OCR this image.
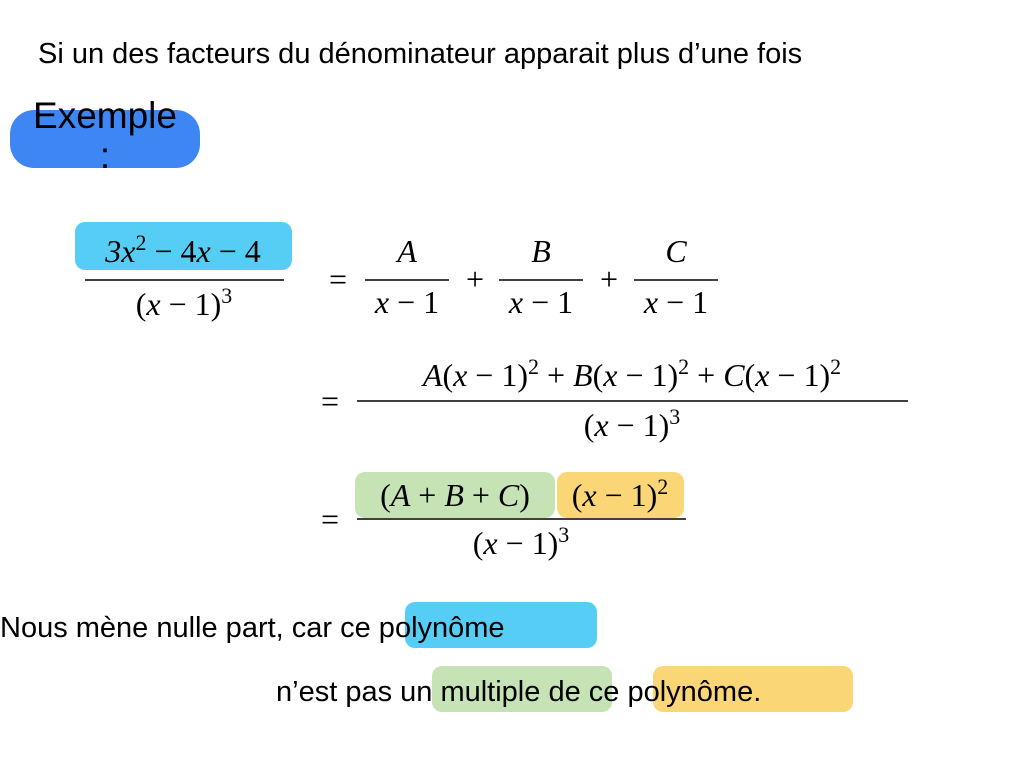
Si un des facteurs du dénominateur apparait plus d’une fois
Exemple
:
$3x^2 - 4x - 4$
$(x - 1)^3$	=
A
x − 1
+
B
x − 1
+
C
x − 1
=
$A(x - 1)^2 + B(x - 1)^2 + C(x - 1)^2$
$(x - 1)^3$
=
(A + B + C) $(x - 1)^2$
$(x - 1)^3$
Nous mène nulle part, car ce polynôme
n’est pas un multiple de ce polynôme.
